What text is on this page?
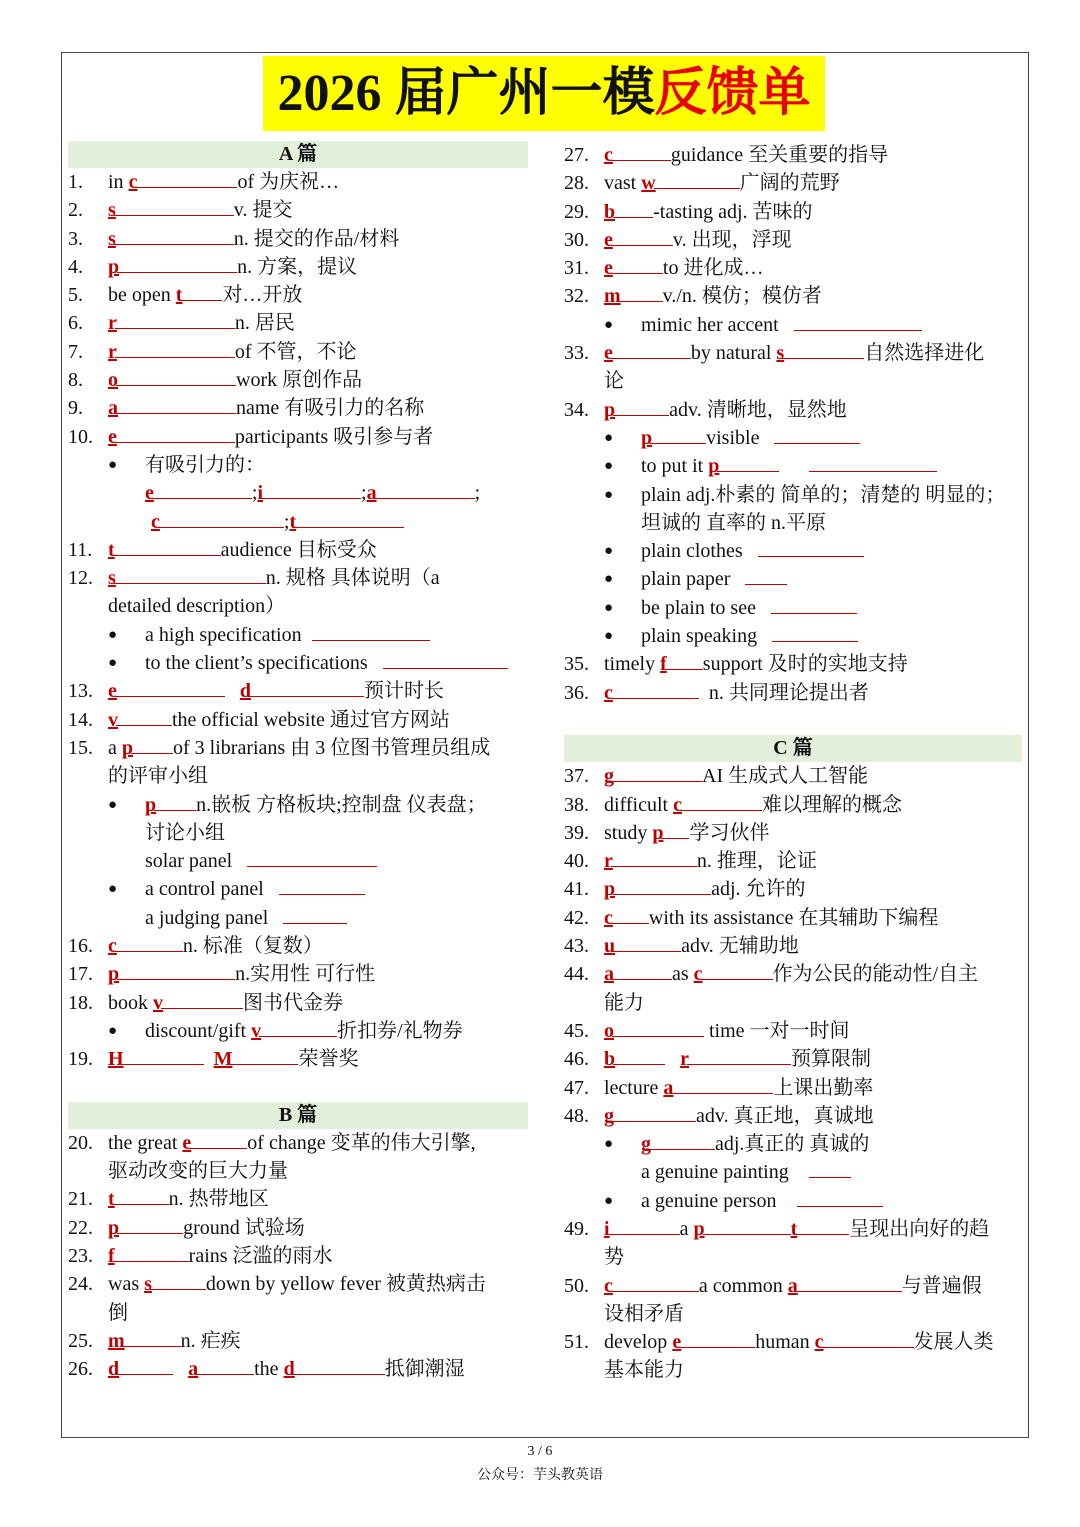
2026 届广州一模反馈单
A 篇
1.	in c	of 为庆祝…
2.	s	v. 提交
3.	s	n. 提交的作品/材料
4.	p	n. 方案，提议
5.	be open t 对…开放
6.	r	n. 居民
7.	r	of 不管，不论
8.	o	work 原创作品
9.	a	name 有吸引力的名称
10. e	participants 吸引参与者
● 有吸引力的：
e	;i	;a	;
c	;t
11. t	audience 目标受众
12. s	n. 规格 具体说明（a
detailed description）
● a high specification
● to the client’s specifications
13. e	d	预计时长
14. v	the official website 通过官方网站
15. a p of 3 librarians 由 3 位图书管理员组成
的评审小组
● p n.嵌板 方格板块;控制盘 仪表盘；
讨论小组
solar panel
● a control panel
a judging panel
16. c	n. 标准（复数）
17. p	n.实用性 可行性
18. book v	图书代金券
● discount/gift v	折扣券/礼物券
19. H	M	荣誉奖
B 篇
20. the great e	of change 变革的伟大引擎,
驱动改变的巨大力量
21. t	n. 热带地区
22. p	ground 试验场
23. f	rains 泛滥的雨水
24. was s	down by yellow fever 被黄热病击
倒
25. m	n. 疟疾
26. d	a	the d	抵御潮湿
27. c	guidance 至关重要的指导
28. vast w	广阔的荒野
29. b -tasting adj. 苦味的
30. e	v. 出现，浮现
31. e	to 进化成…
32. m v./n. 模仿；模仿者
● mimic her accent
33. e	by natural s	自然选择进化
论
34. p	adv. 清晰地，显然地
● p	visible
● to put it p
● plain adj.朴素的 简单的；清楚的 明显的；
坦诚的 直率的 n.平原
● plain clothes
● plain paper
● be plain to see
● plain speaking
35. timely f support 及时的实地支持
36. c	n. 共同理论提出者
C 篇
37. g	AI 生成式人工智能
38. difficult c	难以理解的概念
39. study p 学习伙伴
40. r	n. 推理，论证
41. p	adj. 允许的
42. c with its assistance 在其辅助下编程
43. u	adv. 无辅助地
44. a	as c	作为公民的能动性/自主
能力
45. o	time 一对一时间
46. b	r	预算限制
47. lecture a	上课出勤率
48. g	adv. 真正地，真诚地
● g	adj.真正的 真诚的
a genuine painting
● a genuine person
49. i	a p	t	呈现出向好的趋
势
50. c	a common a	与普遍假
设相矛盾
51. develop e	human c	发展人类
基本能力
3 / 6
公众号：芋头教英语
